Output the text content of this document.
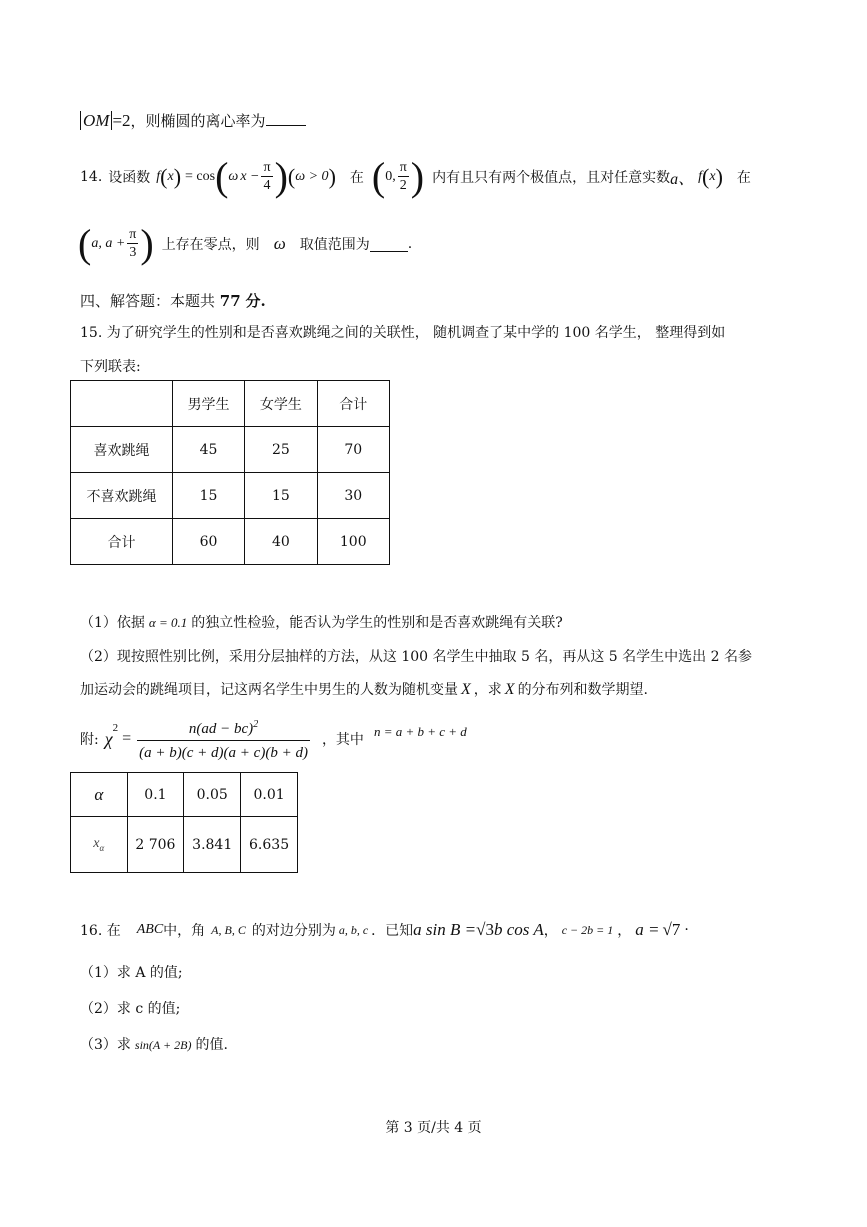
OM =2，则椭圆的离心率为
14. 设函数 f ( x ) = cos ( ω $x - \frac{\pi}{4}$ ) ( ω > 0 ) 在 ( 0, $\frac{\pi}{2}$ ) 内有且只有两个极值点，且对任意实数 a、 f ( x ) 在
( a , $a + \frac{\pi}{3}$ ) 上存在零点，则 ω 取值范围为	.
四、解答题：本题共 77 分.
15. 为了研究学生的性别和是否喜欢跳绳之间的关联性， 随机调查了某中学的 100 名学生， 整理得到如
下列联表:
	男学生	女学生	合计
喜欢跳绳	45	25	70
不喜欢跳绳	15	15	30
合计	60	40	100
（1）依据 α = 0.1 的独立性检验，能否认为学生的性别和是否喜欢跳绳有关联?
（2）现按照性别比例，采用分层抽样的方法，从这 100 名学生中抽取 5 名，再从这 5 名学生中选出 2 名参
加运动会的跳绳项目，记这两名学生中男生的人数为随机变量 X ，求 X 的分布列和数学期望.
附: χ
$^2$
= $\frac{n(ad - bc)^2}{(a + b)(c + d)(a + c)(b + d)}$ ，其中
n = a + b + c + d
α	0.1	0.05	0.01
$x_\alpha$	2 706	3.841	6.635
16. 在 ABC 中，角 A, B, C 的对边分别为 a, b, c ．已知 a sin B = √3 b cos A ， c − 2b = 1 ， a = √7 ·
（1）求 A 的值;
（2）求 c 的值;
（3）求 sin(A + 2B) 的值.
第 3 页/共 4 页
